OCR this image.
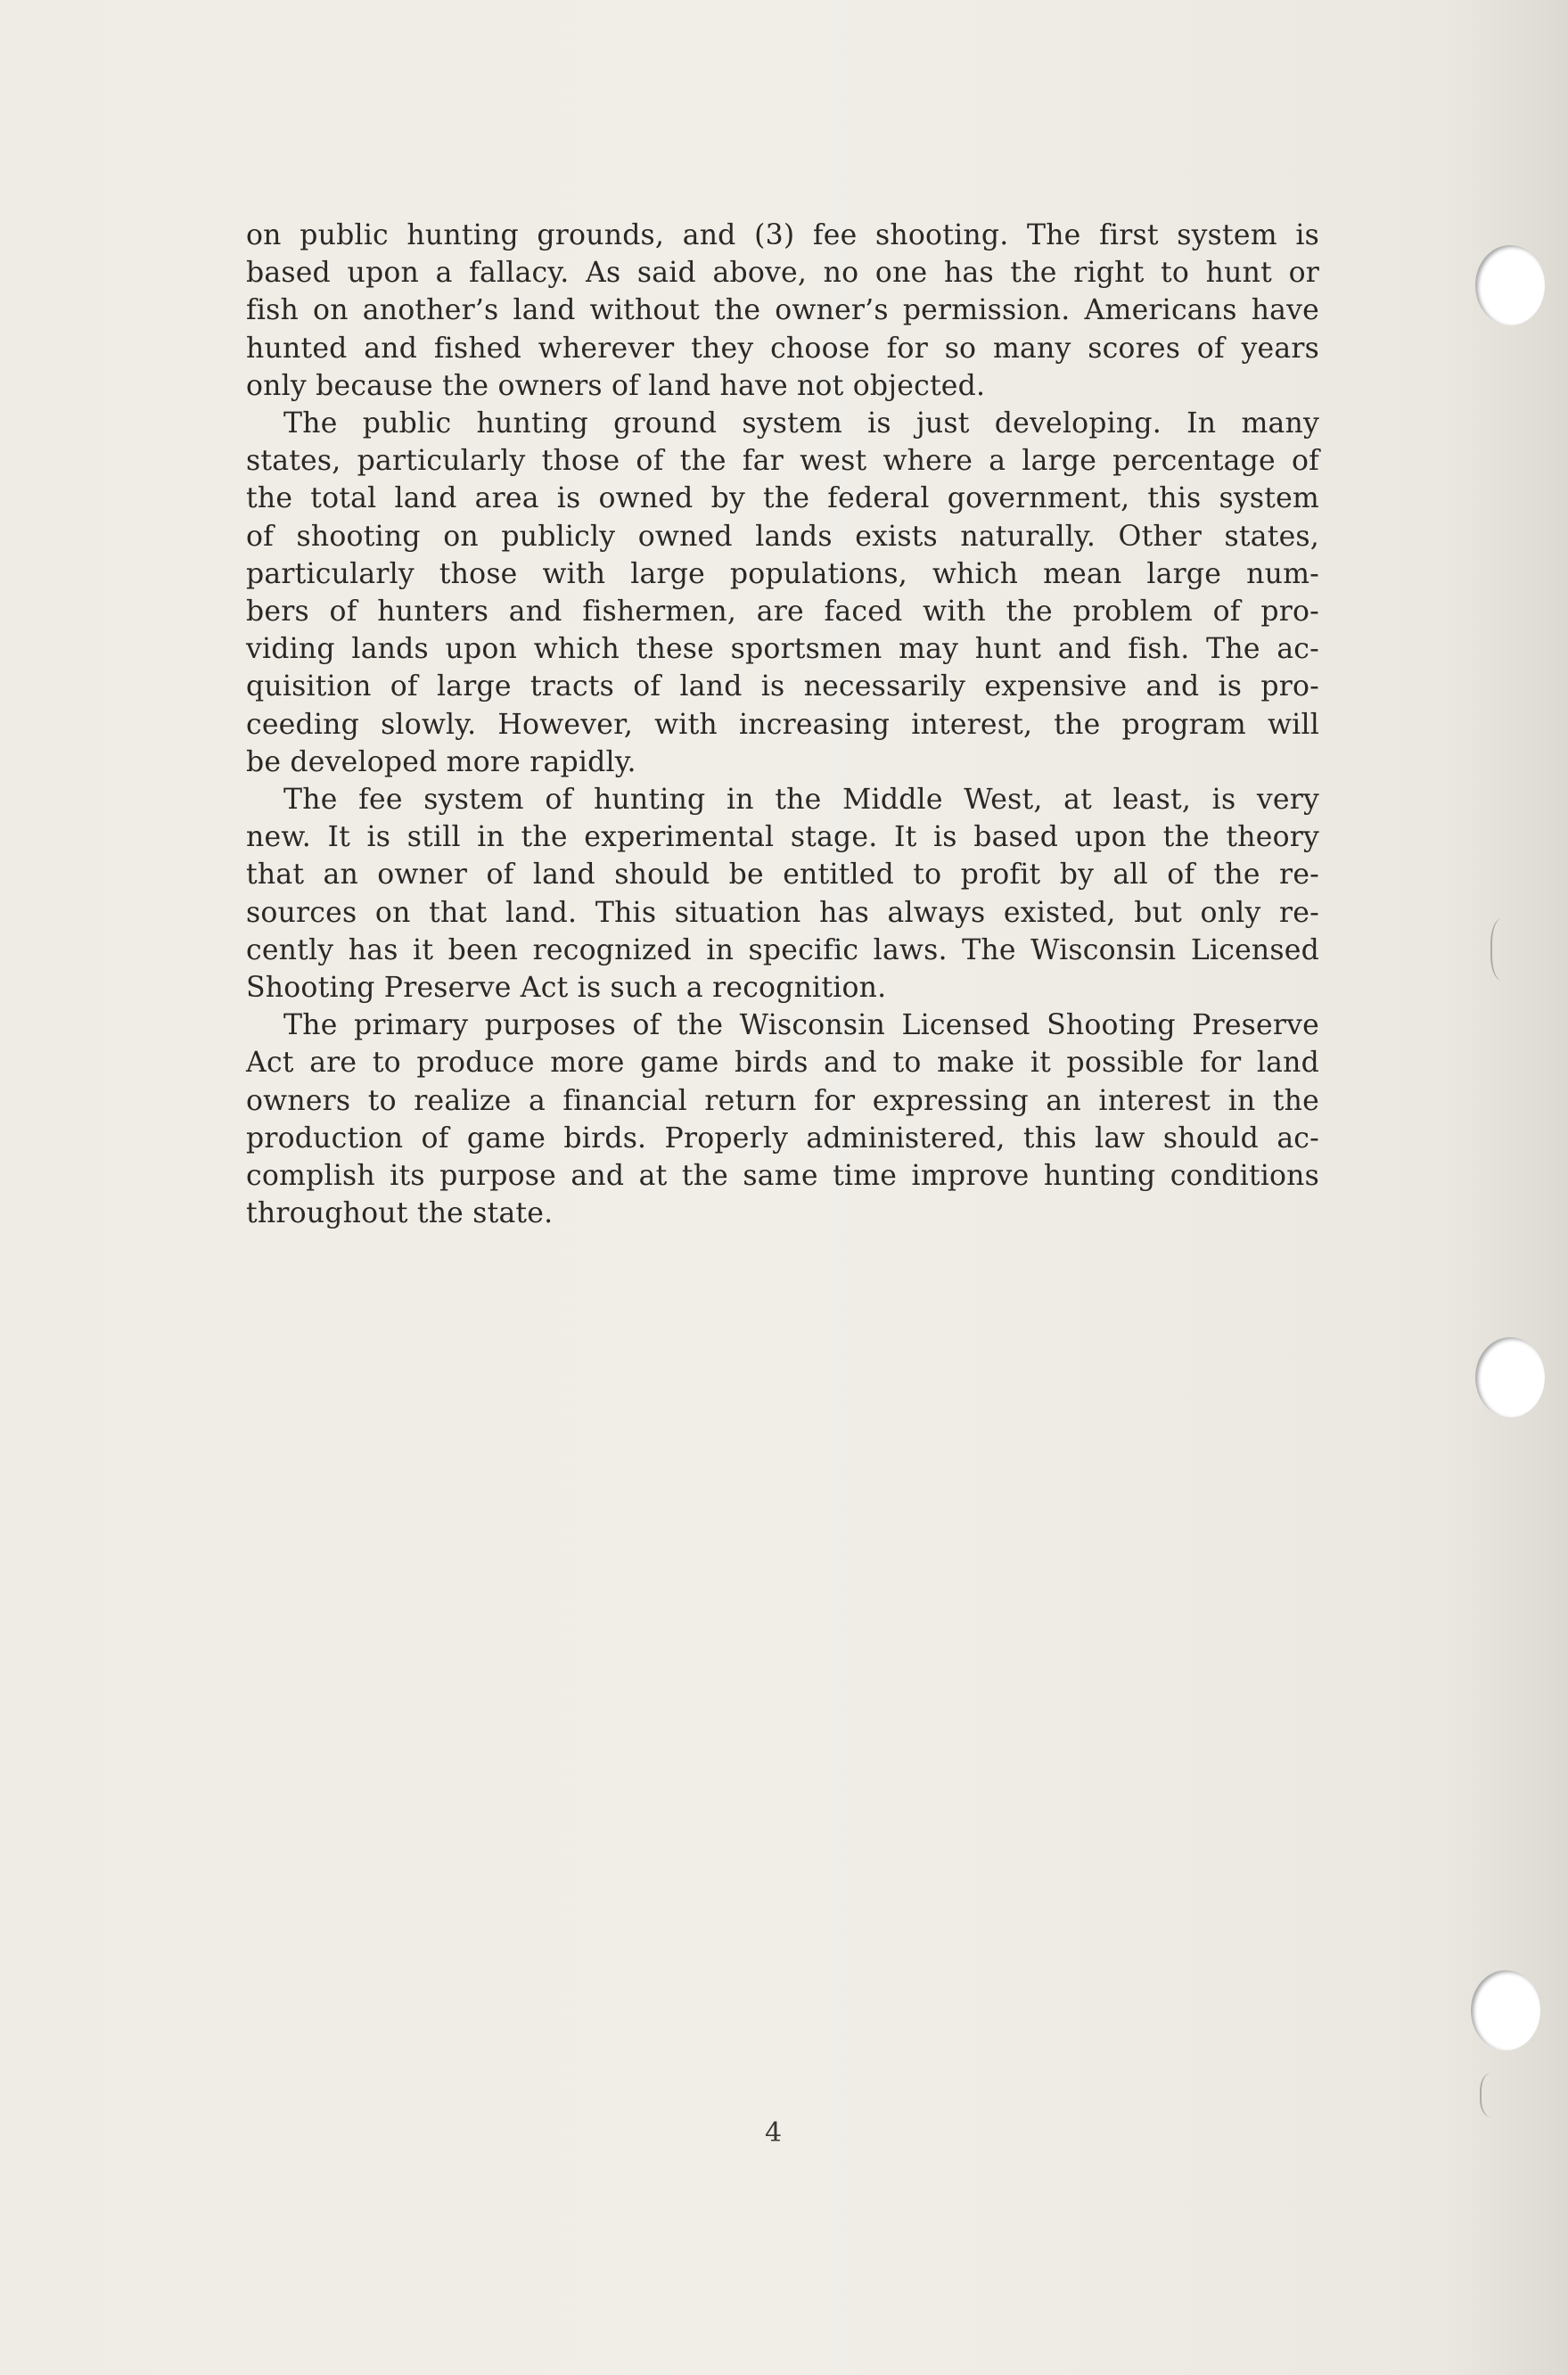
on public hunting grounds, and (3) fee shooting. The first system is
based upon a fallacy. As said above, no one has the right to hunt or
fish on another’s land without the owner’s permission. Americans have
hunted and fished wherever they choose for so many scores of years
only because the owners of land have not objected.
The public hunting ground system is just developing. In many
states, particularly those of the far west where a large percentage of
the total land area is owned by the federal government, this system
of shooting on publicly owned lands exists naturally. Other states,
particularly those with large populations, which mean large num-
bers of hunters and fishermen, are faced with the problem of pro-
viding lands upon which these sportsmen may hunt and fish. The ac-
quisition of large tracts of land is necessarily expensive and is pro-
ceeding slowly. However, with increasing interest, the program will
be developed more rapidly.
The fee system of hunting in the Middle West, at least, is very
new. It is still in the experimental stage. It is based upon the theory
that an owner of land should be entitled to profit by all of the re-
sources on that land. This situation has always existed, but only re-
cently has it been recognized in specific laws. The Wisconsin Licensed
Shooting Preserve Act is such a recognition.
The primary purposes of the Wisconsin Licensed Shooting Preserve
Act are to produce more game birds and to make it possible for land
owners to realize a financial return for expressing an interest in the
production of game birds. Properly administered, this law should ac-
complish its purpose and at the same time improve hunting conditions
throughout the state.
4
